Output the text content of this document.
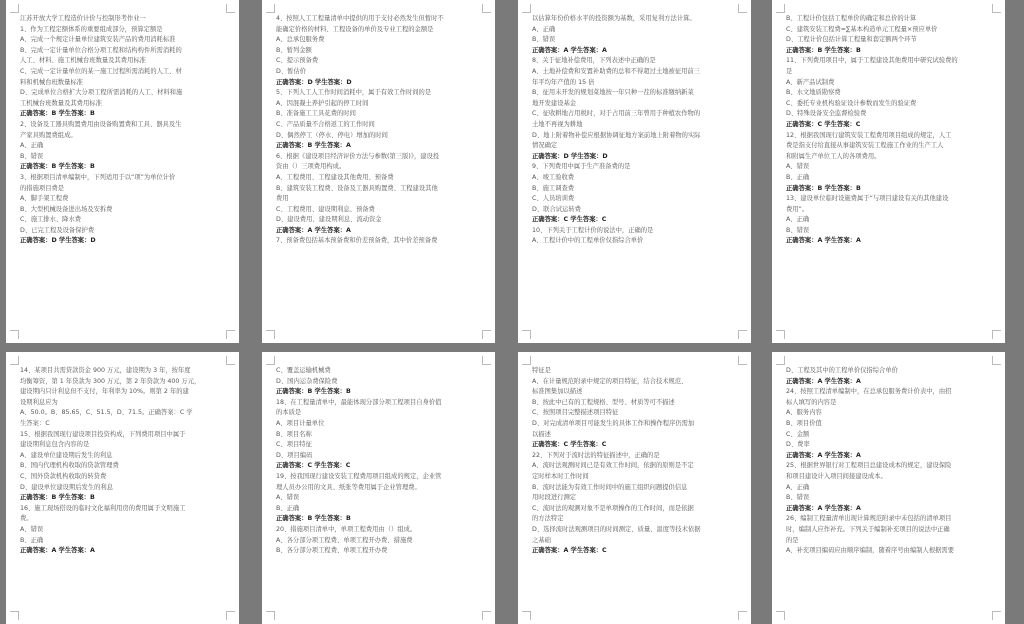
江苏开放大学工程造价计价与控制形考作业一
1、作为工程定额体系的重要组成部分，预算定额是
A、完成一个规定计量单位建筑安装产品的费用消耗标准
B、完成一定计量单位合格分项工程和结构构件所需消耗的
人工、材料、施工机械台班数量及其费用标准
C、完成一定计量单位的某一施工过程所需消耗的人工、材
料和机械台班数量标准
D、完成单位合格扩大分项工程所需消耗的人工、材料和施
工机械台班数量及其费用标准
正确答案：B 学生答案：B
2、设备及工器具购置费用由设备购置费和工具、器具及生
产家具购置费组成。
A、正确
B、错误
正确答案：B 学生答案：B
3、根据项目清单编制中，下列适用于以“项”为单位计价
的措施项目费是
A、脚手架工程费
B、大型机械设备进出场及安拆费
C、施工排水、降水费
D、已完工程及设备保护费
正确答案：D 学生答案：D
4、按照人工工程量清单中提供的用于支付必然发生但暂时不
能确定价格的材料、工程设备的单价及专业工程的金额是
A、总承包服务费
B、暂列金额
C、提示预备费
D、暂估价
正确答案：D 学生答案：D
5、下列人工人工作时间消耗中，属于有效工作时间的是
A、因混凝土养护引起的停工时间
B、准备施工工具花费的时间
C、产品质量不合格返工的工作时间
D、偶然停工（停水、停电）增加的时间
正确答案：B 学生答案：A
6、根据《建设项目经济评价方法与参数(第三版)》，建设投
资由（）三项费用构成。
A、工程费用、工程建设其他费用、预备费
B、建筑安装工程费、设备及工器具购置费、工程建设其他
费用
C、工程费用、建设期利息、预备费
D、建设费用、建设期利息、流动资金
正确答案：A 学生答案：A
7、预备费包括基本预备费和价差预备费，其中价差预备费
以估算年份价格水平的投资额为基数，采用复利方法计算。
A、正确
B、错误
正确答案：A 学生答案：A
8、关于征地补偿费用，下列表述中正确的是
A、土地补偿费和安置补助费的总和不得超过土地被征用前三
年平均年产值的 15 倍
B、征用未开发的规划菜地按一年只种一茬的标准缴纳新菜
地开发建设基金
C、征收耕地占用税时，对于占用前三年曾用于种植农作物的
土地不再视为耕地
D、地上附着物补偿应根据协调征地方案前地上附着物的实际
情况确定
正确答案：D 学生答案：D
9、下列费用中属于生产准备费的是
A、竣工验收费
B、施工调查费
C、人员培训费
D、联合试运转费
正确答案：C 学生答案：C
10、下列关于工程计价的说法中，正确的是
A、工程计价中的工程单价仅指综合单价
B、工程计价包括工程单价的确定和总价的计算
C、建筑安装工程费=∑基本构造单元工程量×预应单价
D、工程计价包括计算工程量和套定额两个环节
正确答案：B 学生答案：B
11、下列费用项目中，属于工程建设其他费用中研究试验费的
是
A、新产品试制费
B、水文地质勘察费
C、委托专业机构验证设计参数而发生的验证费
D、特殊设备安全监督检验费
正确答案：C 学生答案：C
12、根据我国现行建筑安装工程费用项目组成的规定，人工
费是指支付给直接从事建筑安装工程施工作业的生产工人
和附属生产单位工人的各项费用。
A、错误
B、正确
正确答案：B 学生答案：B
13、建设单位临时设施费属于“与项目建设有关的其他建设
费用”。
A、正确
B、错误
正确答案：A 学生答案：A
14、某项目共需贷款资金 900 万元，建设期为 3 年，按年度
均衡筹资，第 1 年贷款为 300 万元，第 2 年贷款为 400 万元，
建设期内只计利息但不支付，年利率为 10%。则第 2 年的建
设期利息应为
A、50.0。B、85.65，C、51.5，D、71.5。正确答案：C 学
生答案：C
15、根据我国现行建设项目投资构成，下列费用项目中属于
建设期利息包含内容的是
A、建设单位建设期后发生的利息
B、国内代理机构收取的贷款管理费
C、国外贷款机构收取的转贷费
D、建设单位建设期后发生的利息
正确答案：B 学生答案：B
16、施工现场搭设的临时文化福利用房的费用属于文明施工
费。
A、错误
B、正确
正确答案：A 学生答案：A
C、覆盖运输机械费
D、国内运杂费保险费
正确答案：B 学生答案：B
18、在工程量清单中，最能体现分部分项工程项目自身价值
的本质是
A、项目计量单位
B、项目名称
C、项目特征
D、项目编码
正确答案：C 学生答案：C
19、按我国现行建设安装工程费用项目组成的规定，企业管
理人员办公用的文具、纸张等费用属于企业管理费。
A、错误
B、正确
正确答案：B 学生答案：B
20、措施项目清单中，单项工程费用由（）组成。
A、各分部分项工程费、单项工程开办费、措施费
B、各分部分项工程费、单项工程开办费
特征是
A、在计量规范附录中规定的项目特征，结合技术规范、
标准图集加以描述
B、按此中已有的工程规格、型号、材质等可不描述
C、按照项目完整描述项目特征
D、对完成清单项目可能发生的具体工作和操作程序仍需加
以描述
正确答案：C 学生答案：C
22、下列对于流时法的特征描述中，正确的是
A、流时法观测时间已是有效工作时间，依据的原则是不定
定时样本时工作时间
B、流时法能为有效工作时间中的施工组织问题提供信息
用时段进行测定
C、流时法的观测对象不是单项操作的工作时间，而是依据
的方法特定
D、选择流时法观测项目的时间测定、质量、温度等技术依据
之基础
正确答案：A 学生答案：C
D、工程及其中的工程单价仅指综合单价
正确答案：A 学生答案：A
24、按照工程清单编制中，在总承包服务费计价表中，由招
标人填写的内容是
A、服务内容
B、项目价值
C、金额
D、费率
正确答案：A 学生答案：A
25、根据世界银行对工程项目总建设成本的规定，建设保险
和项目建设计入项目间接建设成本。
A、正确
B、错误
正确答案：A 学生答案：A
26、编制工程量清单出现计算规范附录中未包括的清单项目
时，编制人应作补充。下列关于编制补充项目的说法中正确
的是
A、补充项目编码应由顺序编制，随着序号由编制人根据需要
